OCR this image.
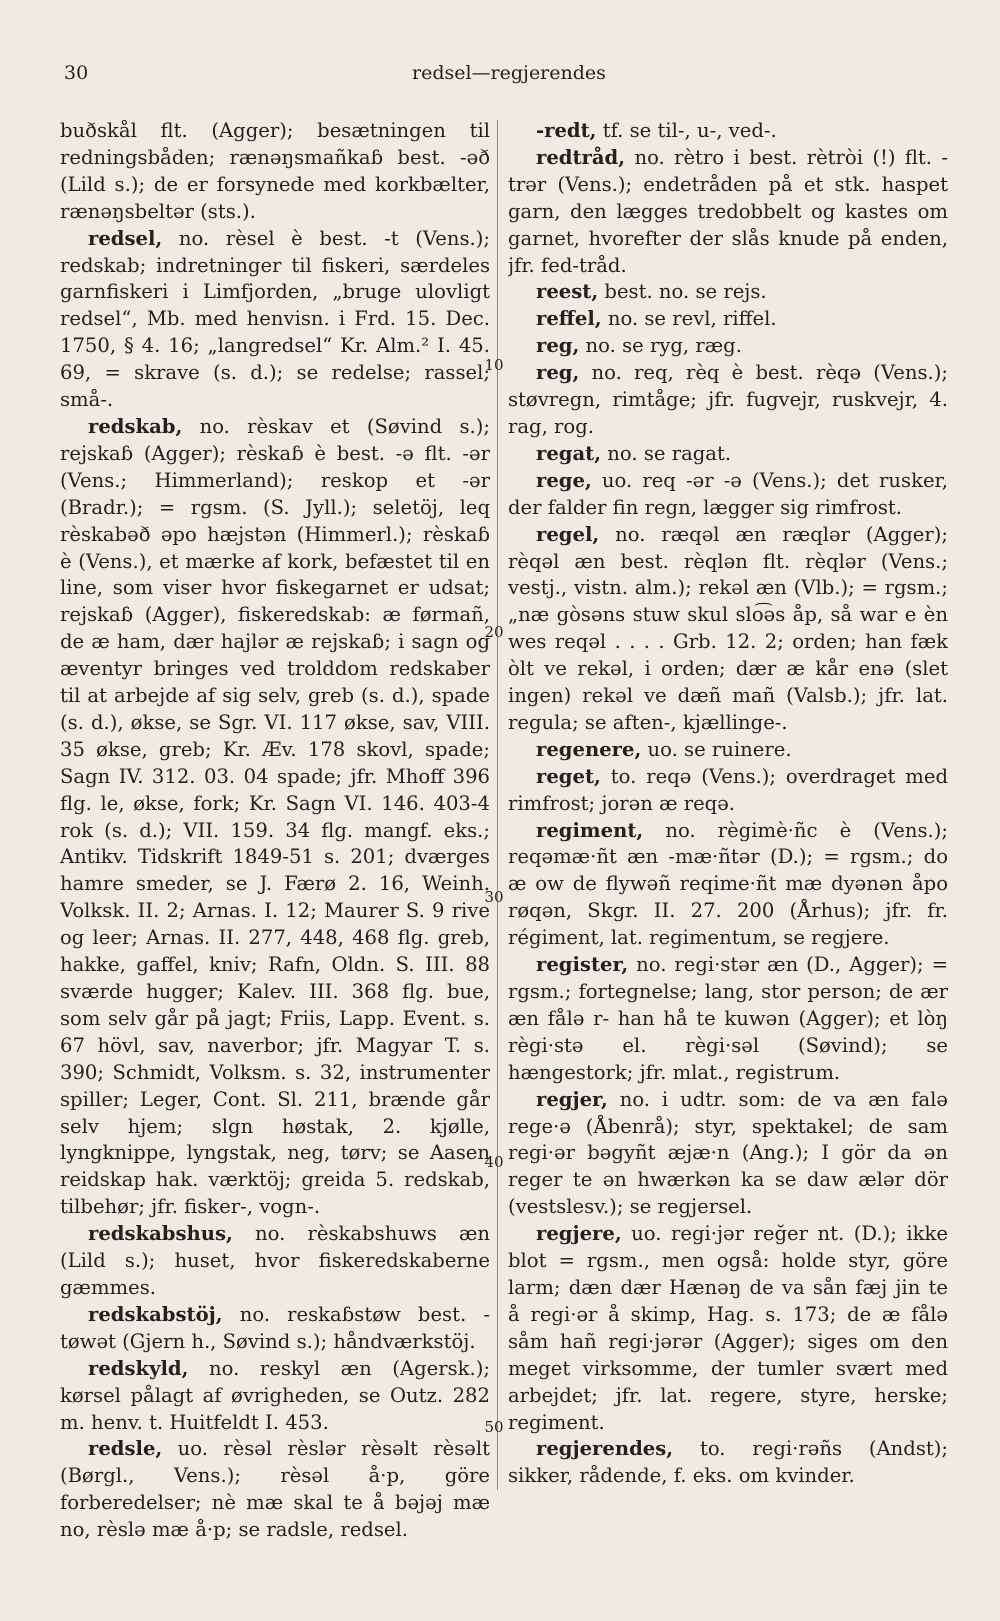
30	redsel—regjerendes

buðskål flt. (Agger); besætningen til redningsbåden; rænəŋsmañkaɓ best. -əð (Lild s.); de er forsynede med korkbælter, rænəŋsbeltər (sts.).

redsel, no. rèsel è best. -t (Vens.); redskab; indretninger til fiskeri, særdeles garnfiskeri i Limfjorden, „bruge ulovligt redsel“, Mb. med henvisn. i Frd. 15. Dec. 1750, § 4. 16; „langredsel“ Kr. Alm.² I. 45. 69, = skrave (s. d.); se redelse; rassel; små-.

redskab, no. rèskav et (Søvind s.); rejskaɓ (Agger); rèskaɓ è best. -ə flt. -ər (Vens.; Himmerland); reskop et -ər (Bradr.); = rgsm. (S. Jyll.); seletöj, leq rèskabəð əpo hæjstən (Himmerl.); rèskaɓ è (Vens.), et mærke af kork, befæstet til en line, som viser hvor fiskegarnet er udsat; rejskaɓ (Agger), fiskeredskab: æ førmañ, de æ ham, dær hajlər æ rejskaɓ; i sagn og æventyr bringes ved trolddom redskaber til at arbejde af sig selv, greb (s. d.), spade (s. d.), økse, se Sgr. VI. 117 økse, sav, VIII. 35 økse, greb; Kr. Æv. 178 skovl, spade; Sagn IV. 312. 03. 04 spade; jfr. Mhoff 396 flg. le, økse, fork; Kr. Sagn VI. 146. 403-4 rok (s. d.); VII. 159. 34 flg. mangf. eks.; Antikv. Tidskrift 1849-51 s. 201; dværges hamre smeder, se J. Færø 2. 16, Weinh. Volksk. II. 2; Arnas. I. 12; Maurer S. 9 rive og leer; Arnas. II. 277, 448, 468 flg. greb, hakke, gaffel, kniv; Rafn, Oldn. S. III. 88 sværde hugger; Kalev. III. 368 flg. bue, som selv går på jagt; Friis, Lapp. Event. s. 67 hövl, sav, naverbor; jfr. Magyar T. s. 390; Schmidt, Volksm. s. 32, instrumenter spiller; Leger, Cont. Sl. 211, brænde går selv hjem; slgn høstak, 2. kjølle, lyngknippe, lyngstak, neg, tørv; se Aasen reidskap hak. værktöj; greida 5. redskab, tilbehør; jfr. fisker-, vogn-.

redskabshus, no. rèskabshuws æn (Lild s.); huset, hvor fiskeredskaberne gæmmes.

redskabstöj, no. reskaɓstøw best. -tøwət (Gjern h., Søvind s.); håndværkstöj.

redskyld, no. reskyl æn (Agersk.); kørsel pålagt af øvrigheden, se Outz. 282 m. henv. t. Huitfeldt I. 453.

redsle, uo. rèsəl rèslər rèsəlt rèsəlt (Børgl., Vens.); rèsəl å·p, göre forberedelser; nè mæ skal te å bəjəj mæ no, rèslə mæ å·p; se radsle, redsel.

10
20
30
40
50

-redt, tf. se til-, u-, ved-.

redtråd, no. rètro i best. rètròi (!) flt. -trər (Vens.); endetråden på et stk. haspet garn, den lægges tredobbelt og kastes om garnet, hvorefter der slås knude på enden, jfr. fed-tråd.

reest, best. no. se rejs.

reffel, no. se revl, riffel.

reg, no. se ryg, ræg.

reg, no. req, rèq è best. rèqə (Vens.); støvregn, rimtåge; jfr. fugvejr, ruskvejr, 4. rag, rog.

regat, no. se ragat.

rege, uo. req -ər -ə (Vens.); det rusker, der falder fin regn, lægger sig rimfrost.

regel, no. ræqəl æn ræqlər (Agger); rèqəl æn best. rèqlən flt. rèqlər (Vens.; vestj., vistn. alm.); rekəl æn (Vlb.); = rgsm.; „næ gòsəns stuw skul slo͡əs åp, så war e èn wes reqəl . . . . Grb. 12. 2; orden; han fæk òlt ve rekəl, i orden; dær æ kår enə (slet ingen) rekəl ve dæñ mañ (Valsb.); jfr. lat. regula; se aften-, kjællinge-.

regenere, uo. se ruinere.

reget, to. reqə (Vens.); overdraget med rimfrost; jorən æ reqə.

regiment, no. règimè·ñc è (Vens.); reqəmæ·ñt æn -mæ·ñtər (D.); = rgsm.; do æ ow de flywəñ reqime·ñt mæ dyənən åpo røqən, Skgr. II. 27. 200 (Århus); jfr. fr. régiment, lat. regimentum, se regjere.

register, no. regi·stər æn (D., Agger); = rgsm.; fortegnelse; lang, stor person; de ær æn fålə r- han hå te kuwən (Agger); et lòŋ règi·stə el. règi·səl (Søvind); se hængestork; jfr. mlat., registrum.

regjer, no. i udtr. som: de va æn falə rege·ə (Åbenrå); styr, spektakel; de sam regi·ər bəgyñt æjæ·n (Ang.); I gör da ən reger te ən hwærkən ka se daw ælər dör (vestslesv.); se regjersel.

regjere, uo. regi·jər reğer nt. (D.); ikke blot = rgsm., men også: holde styr, göre larm; dæn dær Hænəŋ de va sån fæj jin te å regi·ər å skimp, Hag. s. 173; de æ fålə såm hañ regi·jərər (Agger); siges om den meget virksomme, der tumler svært med arbejdet; jfr. lat. regere, styre, herske; regiment.

regjerendes, to. regi·rəñs (Andst); sikker, rådende, f. eks. om kvinder.
